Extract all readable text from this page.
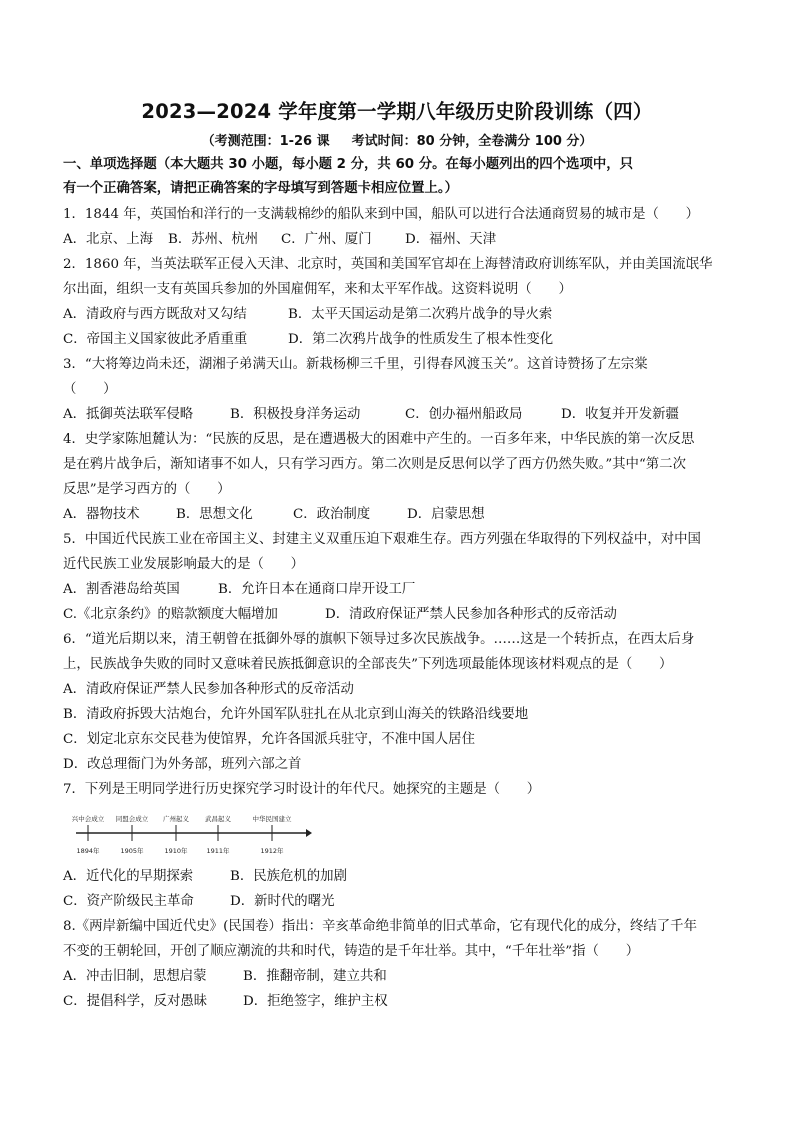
2023—2024 学年度第一学期八年级历史阶段训练（四）
（考测范围：1-26 课 考试时间：80 分钟，全卷满分 100 分）
一、单项选择题（本大题共 30 小题，每小题 2 分，共 60 分。在每小题列出的四个选项中，只
有一个正确答案，请把正确答案的字母填写到答题卡相应位置上。）
1．1844 年，英国怡和洋行的一支满载棉纱的船队来到中国，船队可以进行合法通商贸易的城市是（　　）
A．北京、上海 B．苏州、杭州 C．广州、厦门 D．福州、天津
2．1860 年，当英法联军正侵入天津、北京时，英国和美国军官却在上海替清政府训练军队，并由美国流氓华
尔出面，组织一支有英国兵参加的外国雇佣军，来和太平军作战。这资料说明（　　）
A．清政府与西方既敌对又勾结	B．太平天国运动是第二次鸦片战争的导火索
C．帝国主义国家彼此矛盾重重	D．第二次鸦片战争的性质发生了根本性变化
3．“大将筹边尚未还，湖湘子弟满天山。新栽杨柳三千里，引得春风渡玉关”。这首诗赞扬了左宗棠
（　　）
A．抵御英法联军侵略	B．积极投身洋务运动	C．创办福州船政局	D．收复并开发新疆
4．史学家陈旭麓认为：“民族的反思，是在遭遇极大的困难中产生的。一百多年来，中华民族的第一次反思
是在鸦片战争后，渐知诸事不如人，只有学习西方。第二次则是反思何以学了西方仍然失败。”其中“第二次
反思”是学习西方的（　　）
A．器物技术	B．思想文化	C．政治制度	D．启蒙思想
5．中国近代民族工业在帝国主义、封建主义双重压迫下艰难生存。西方列强在华取得的下列权益中，对中国
近代民族工业发展影响最大的是（　　）
A．割香港岛给英国	B．允许日本在通商口岸开设工厂
C.《北京条约》的赔款额度大幅增加	D．清政府保证严禁人民参加各种形式的反帝活动
6．“道光后期以来，清王朝曾在抵御外辱的旗帜下领导过多次民族战争。……这是一个转折点，在西太后身
上，民族战争失败的同时又意味着民族抵御意识的全部丧失”下列选项最能体现该材料观点的是（　　）
A．清政府保证严禁人民参加各种形式的反帝活动
B．清政府拆毁大沽炮台，允许外国军队驻扎在从北京到山海关的铁路沿线要地
C．划定北京东交民巷为使馆界，允许各国派兵驻守，不准中国人居住
D．改总理衙门为外务部，班列六部之首
7．下列是王明同学进行历史探究学习时设计的年代尺。她探究的主题是（　　）
兴中会成立
1894年
同盟会成立
1905年
广州起义
1910年
武昌起义
1911年
中华民国建立
1912年
A．近代化的早期探索	B．民族危机的加剧
C．资产阶级民主革命	D．新时代的曙光
8.《两岸新编中国近代史》(民国卷）指出：辛亥革命绝非简单的旧式革命，它有现代化的成分，终结了千年
不变的王朝轮回，开创了顺应潮流的共和时代，铸造的是千年壮举。其中，“千年壮举”指（　　）
A．冲击旧制，思想启蒙	B．推翻帝制，建立共和
C．提倡科学，反对愚昧	D．拒绝签字，维护主权
